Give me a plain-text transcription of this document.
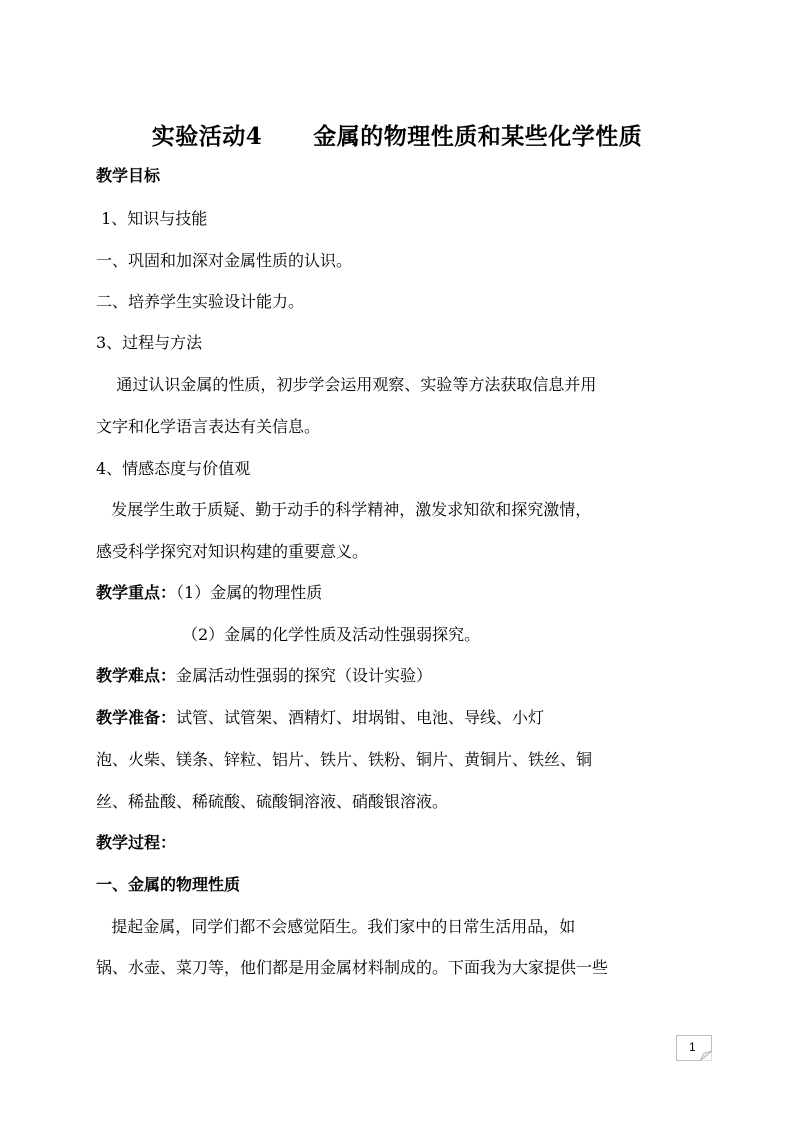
实验活动4      金属的物理性质和某些化学性质
教学目标
1、知识与技能
一、巩固和加深对金属性质的认识。
二、培养学生实验设计能力。
3、过程与方法
通过认识金属的性质，初步学会运用观察、实验等方法获取信息并用
文字和化学语言表达有关信息。
4、情感态度与价值观
发展学生敢于质疑、勤于动手的科学精神，激发求知欲和探究激情，
感受科学探究对知识构建的重要意义。
教学重点：（1）金属的物理性质
（2）金属的化学性质及活动性强弱探究。
教学难点：金属活动性强弱的探究（设计实验）
教学准备：试管、试管架、酒精灯、坩埚钳、电池、导线、小灯
泡、火柴、镁条、锌粒、铝片、铁片、铁粉、铜片、黄铜片、铁丝、铜
丝、稀盐酸、稀硫酸、硫酸铜溶液、硝酸银溶液。
教学过程：
一、金属的物理性质
提起金属，同学们都不会感觉陌生。我们家中的日常生活用品，如
锅、水壶、菜刀等，他们都是用金属材料制成的。下面我为大家提供一些
1
